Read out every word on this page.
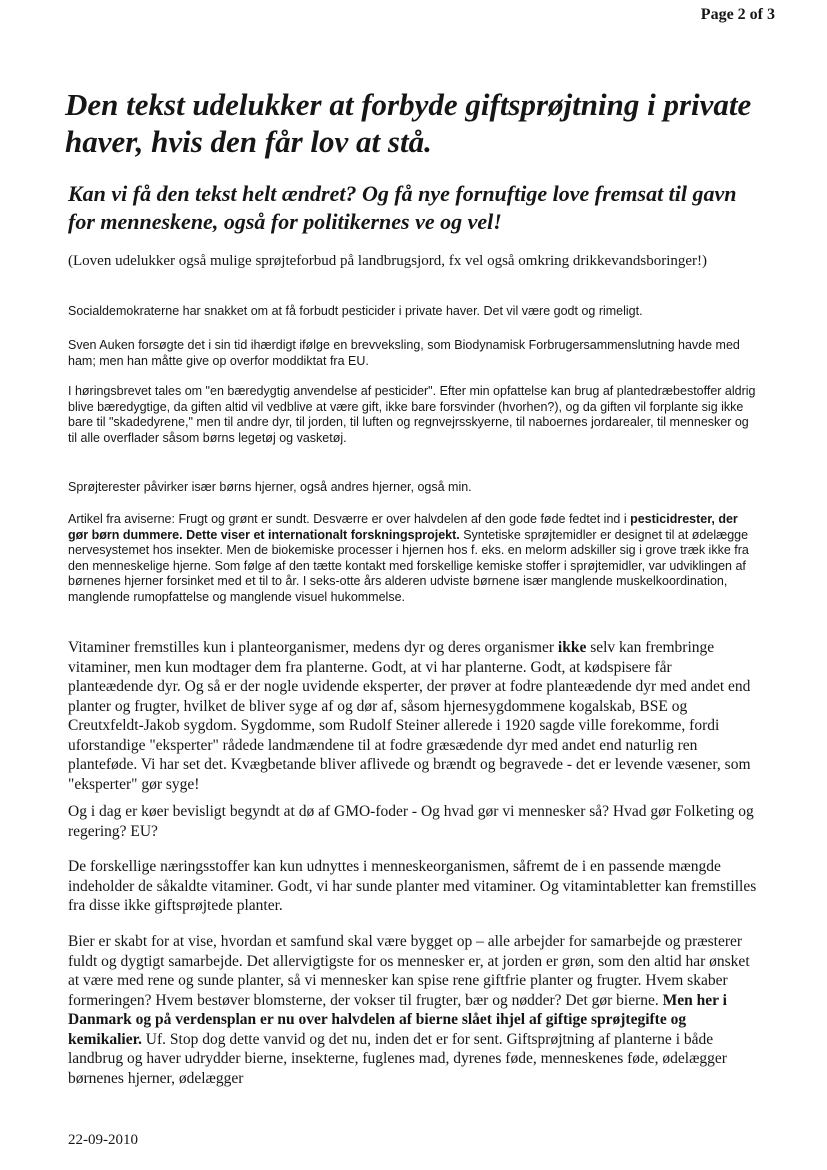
Page 2 of 3
Den tekst udelukker at forbyde giftsprøjtning i private haver, hvis den får lov at stå.
Kan vi få den tekst helt ændret? Og få nye fornuftige love fremsat til gavn for menneskene, også for politikernes ve og vel!

(Loven udelukker også mulige sprøjteforbud på landbrugsjord, fx vel også omkring drikkevandsboringer!)

Socialdemokraterne har snakket om at få forbudt pesticider i private haver. Det vil være godt og rimeligt.

Sven Auken forsøgte det i sin tid ihærdigt ifølge en brevveksling, som Biodynamisk Forbrugersammenslutning havde med ham; men han måtte give op overfor moddiktat fra EU.

I høringsbrevet tales om "en bæredygtig anvendelse af pesticider". Efter min opfattelse kan brug af plantedræbestoffer aldrig blive bæredygtige, da giften altid vil vedblive at være gift, ikke bare forsvinder (hvorhen?), og da giften vil forplante sig ikke bare til "skadedyrene," men til andre dyr, til jorden, til luften og regnvejrsskyerne, til naboernes jordarealer, til mennesker og til alle overflader såsom børns legetøj og vasketøj.

Sprøjterester påvirker især børns hjerner, også andres hjerner, også min.

Artikel fra aviserne: Frugt og grønt er sundt. Desværre er over halvdelen af den gode føde fedtet ind i pesticidrester, der gør børn dummere. Dette viser et internationalt forskningsprojekt. Syntetiske sprøjtemidler er designet til at ødelægge nervesystemet hos insekter. Men de biokemiske processer i hjernen hos f. eks. en melorm adskiller sig i grove træk ikke fra den menneskelige hjerne. Som følge af den tætte kontakt med forskellige kemiske stoffer i sprøjtemidler, var udviklingen af børnenes hjerner forsinket med et til to år. I seks-otte års alderen udviste børnene især manglende muskelkoordination, manglende rumopfattelse og manglende visuel hukommelse.

Vitaminer fremstilles kun i planteorganismer, medens dyr og deres organismer ikke selv kan frembringe vitaminer, men kun modtager dem fra planterne. Godt, at vi har planterne. Godt, at kødspisere får planteædende dyr. Og så er der nogle uvidende eksperter, der prøver at fodre planteædende dyr med andet end planter og frugter, hvilket de bliver syge af og dør af, såsom hjernesygdommene kogalskab, BSE og Creutxfeldt-Jakob sygdom. Sygdomme, som Rudolf Steiner allerede i 1920 sagde ville forekomme, fordi uforstandige "eksperter" rådede landmændene til at fodre græsædende dyr med andet end naturlig ren planteføde. Vi har set det. Kvægbetande bliver aflivede og brændt og begravede - det er levende væsener, som "eksperter" gør syge!

Og i dag er køer bevisligt begyndt at dø af GMO-foder - Og hvad gør vi mennesker så? Hvad gør Folketing og regering? EU?

De forskellige næringsstoffer kan kun udnyttes i menneskeorganismen, såfremt de i en passende mængde indeholder de såkaldte vitaminer. Godt, vi har sunde planter med vitaminer. Og vitamintabletter kan fremstilles fra disse ikke giftsprøjtede planter.

Bier er skabt for at vise, hvordan et samfund skal være bygget op – alle arbejder for samarbejde og præsterer fuldt og dygtigt samarbejde. Det allervigtigste for os mennesker er, at jorden er grøn, som den altid har ønsket at være med rene og sunde planter, så vi mennesker kan spise rene giftfrie planter og frugter. Hvem skaber formeringen? Hvem bestøver blomsterne, der vokser til frugter, bær og nødder? Det gør bierne. Men her i Danmark og på verdensplan er nu over halvdelen af bierne slået ihjel af giftige sprøjtegifte og kemikalier. Uf. Stop dog dette vanvid og det nu, inden det er for sent. Giftsprøjtning af planterne i både landbrug og haver udrydder bierne, insekterne, fuglenes mad, dyrenes føde, menneskenes føde, ødelægger børnenes hjerner, ødelægger

22-09-2010
